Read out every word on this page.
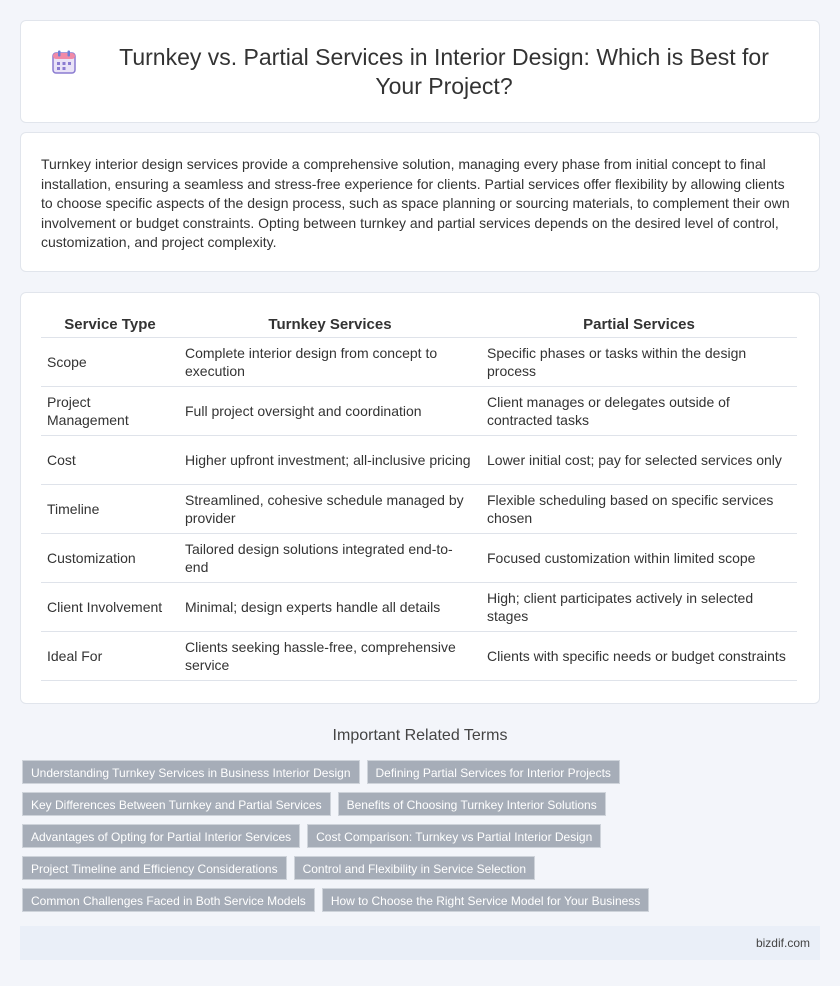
Turnkey vs. Partial Services in Interior Design: Which is Best for Your Project?

Turnkey interior design services provide a comprehensive solution, managing every phase from initial concept to final installation, ensuring a seamless and stress-free experience for clients. Partial services offer flexibility by allowing clients to choose specific aspects of the design process, such as space planning or sourcing materials, to complement their own involvement or budget constraints. Opting between turnkey and partial services depends on the desired level of control, customization, and project complexity.

Service Type	Turnkey Services	Partial Services
Scope	Complete interior design from concept to execution	Specific phases or tasks within the design process
Project Management	Full project oversight and coordination	Client manages or delegates outside of contracted tasks
Cost	Higher upfront investment; all-inclusive pricing	Lower initial cost; pay for selected services only
Timeline	Streamlined, cohesive schedule managed by provider	Flexible scheduling based on specific services chosen
Customization	Tailored design solutions integrated end-to-end	Focused customization within limited scope
Client Involvement	Minimal; design experts handle all details	High; client participates actively in selected stages
Ideal For	Clients seeking hassle-free, comprehensive service	Clients with specific needs or budget constraints
Important Related Terms
Understanding Turnkey Services in Business Interior Design	Defining Partial Services for Interior Projects
Key Differences Between Turnkey and Partial Services	Benefits of Choosing Turnkey Interior Solutions
Advantages of Opting for Partial Interior Services	Cost Comparison: Turnkey vs Partial Interior Design
Project Timeline and Efficiency Considerations	Control and Flexibility in Service Selection
Common Challenges Faced in Both Service Models	How to Choose the Right Service Model for Your Business
bizdif.com
